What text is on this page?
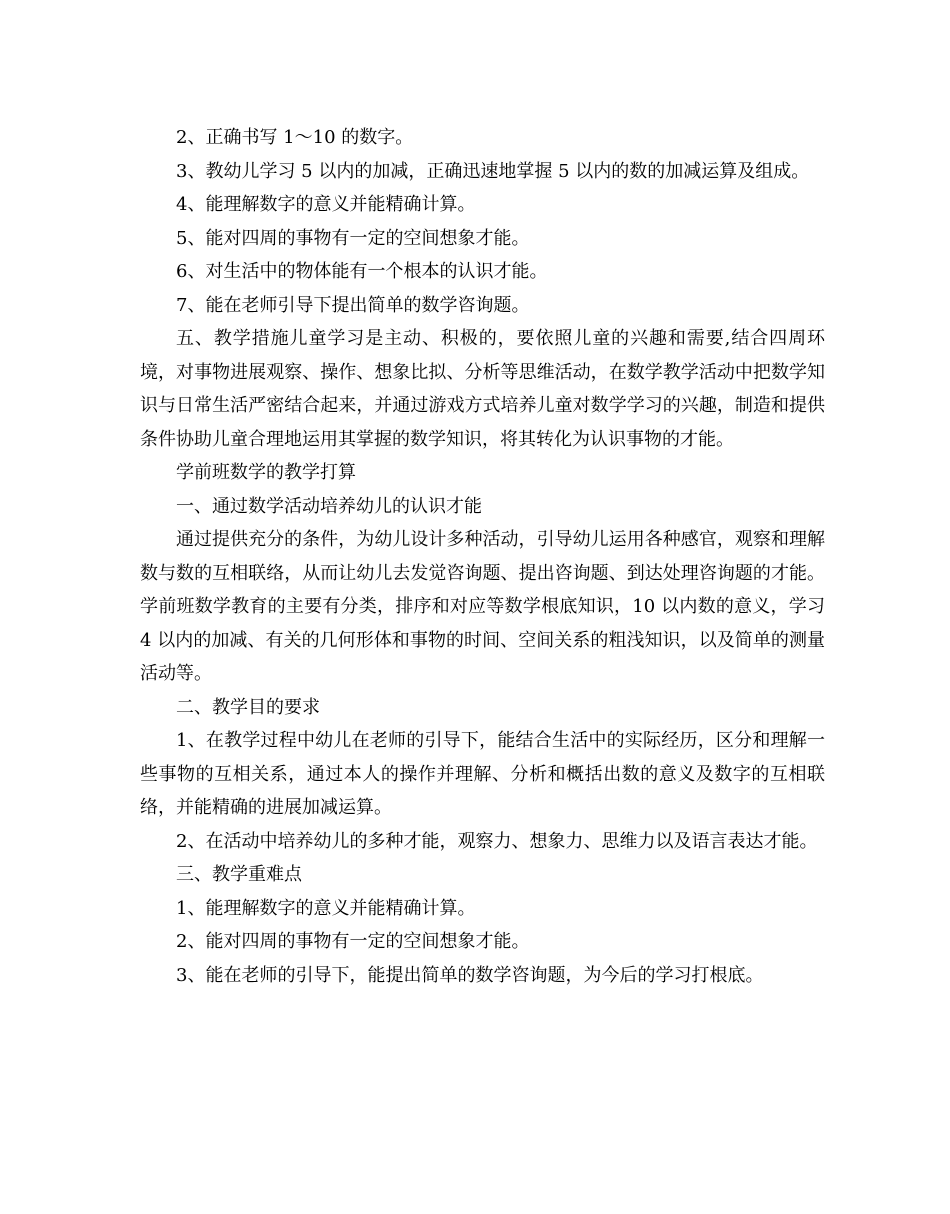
2、正确书写 1～10 的数字。

3、教幼儿学习 5 以内的加减，正确迅速地掌握 5 以内的数的加减运算及组成。

4、能理解数字的意义并能精确计算。

5、能对四周的事物有一定的空间想象才能。

6、对生活中的物体能有一个根本的认识才能。

7、能在老师引导下提出简单的数学咨询题。

五、教学措施儿童学习是主动、积极的，要依照儿童的兴趣和需要,结合四周环境，对事物进展观察、操作、想象比拟、分析等思维活动，在数学教学活动中把数学知识与日常生活严密结合起来，并通过游戏方式培养儿童对数学学习的兴趣，制造和提供条件协助儿童合理地运用其掌握的数学知识，将其转化为认识事物的才能。

学前班数学的教学打算

一、通过数学活动培养幼儿的认识才能

通过提供充分的条件，为幼儿设计多种活动，引导幼儿运用各种感官，观察和理解数与数的互相联络，从而让幼儿去发觉咨询题、提出咨询题、到达处理咨询题的才能。学前班数学教育的主要有分类，排序和对应等数学根底知识，10 以内数的意义，学习 4 以内的加减、有关的几何形体和事物的时间、空间关系的粗浅知识，以及简单的测量活动等。

二、教学目的要求

1、在教学过程中幼儿在老师的引导下，能结合生活中的实际经历，区分和理解一些事物的互相关系，通过本人的操作并理解、分析和概括出数的意义及数字的互相联络，并能精确的进展加减运算。

2、在活动中培养幼儿的多种才能，观察力、想象力、思维力以及语言表达才能。

三、教学重难点

1、能理解数字的意义并能精确计算。

2、能对四周的事物有一定的空间想象才能。

3、能在老师的引导下，能提出简单的数学咨询题，为今后的学习打根底。
